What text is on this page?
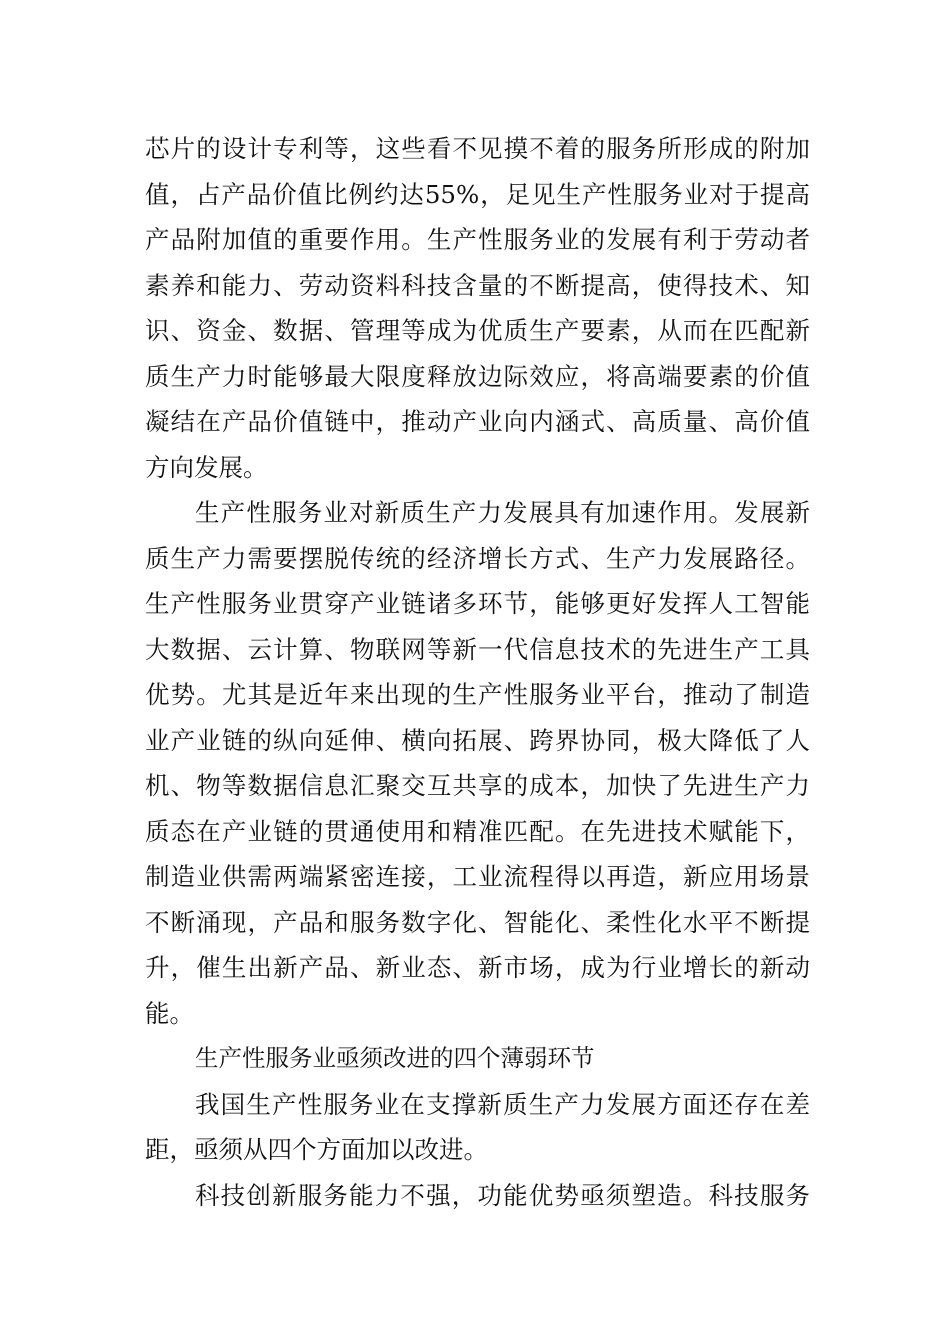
芯片的设计专利等，这些看不见摸不着的服务所形成的附加
值，占产品价值比例约达55%，足见生产性服务业对于提高
产品附加值的重要作用。生产性服务业的发展有利于劳动者
素养和能力、劳动资料科技含量的不断提高，使得技术、知
识、资金、数据、管理等成为优质生产要素，从而在匹配新
质生产力时能够最大限度释放边际效应，将高端要素的价值
凝结在产品价值链中，推动产业向内涵式、高质量、高价值
方向发展。
生产性服务业对新质生产力发展具有加速作用。发展新
质生产力需要摆脱传统的经济增长方式、生产力发展路径。
生产性服务业贯穿产业链诸多环节，能够更好发挥人工智能
大数据、云计算、物联网等新一代信息技术的先进生产工具
优势。尤其是近年来出现的生产性服务业平台，推动了制造
业产业链的纵向延伸、横向拓展、跨界协同，极大降低了人
机、物等数据信息汇聚交互共享的成本，加快了先进生产力
质态在产业链的贯通使用和精准匹配。在先进技术赋能下，
制造业供需两端紧密连接，工业流程得以再造，新应用场景
不断涌现，产品和服务数字化、智能化、柔性化水平不断提
升，催生出新产品、新业态、新市场，成为行业增长的新动
能。
生产性服务业亟须改进的四个薄弱环节
我国生产性服务业在支撑新质生产力发展方面还存在差
距，亟须从四个方面加以改进。
科技创新服务能力不强，功能优势亟须塑造。科技服务
